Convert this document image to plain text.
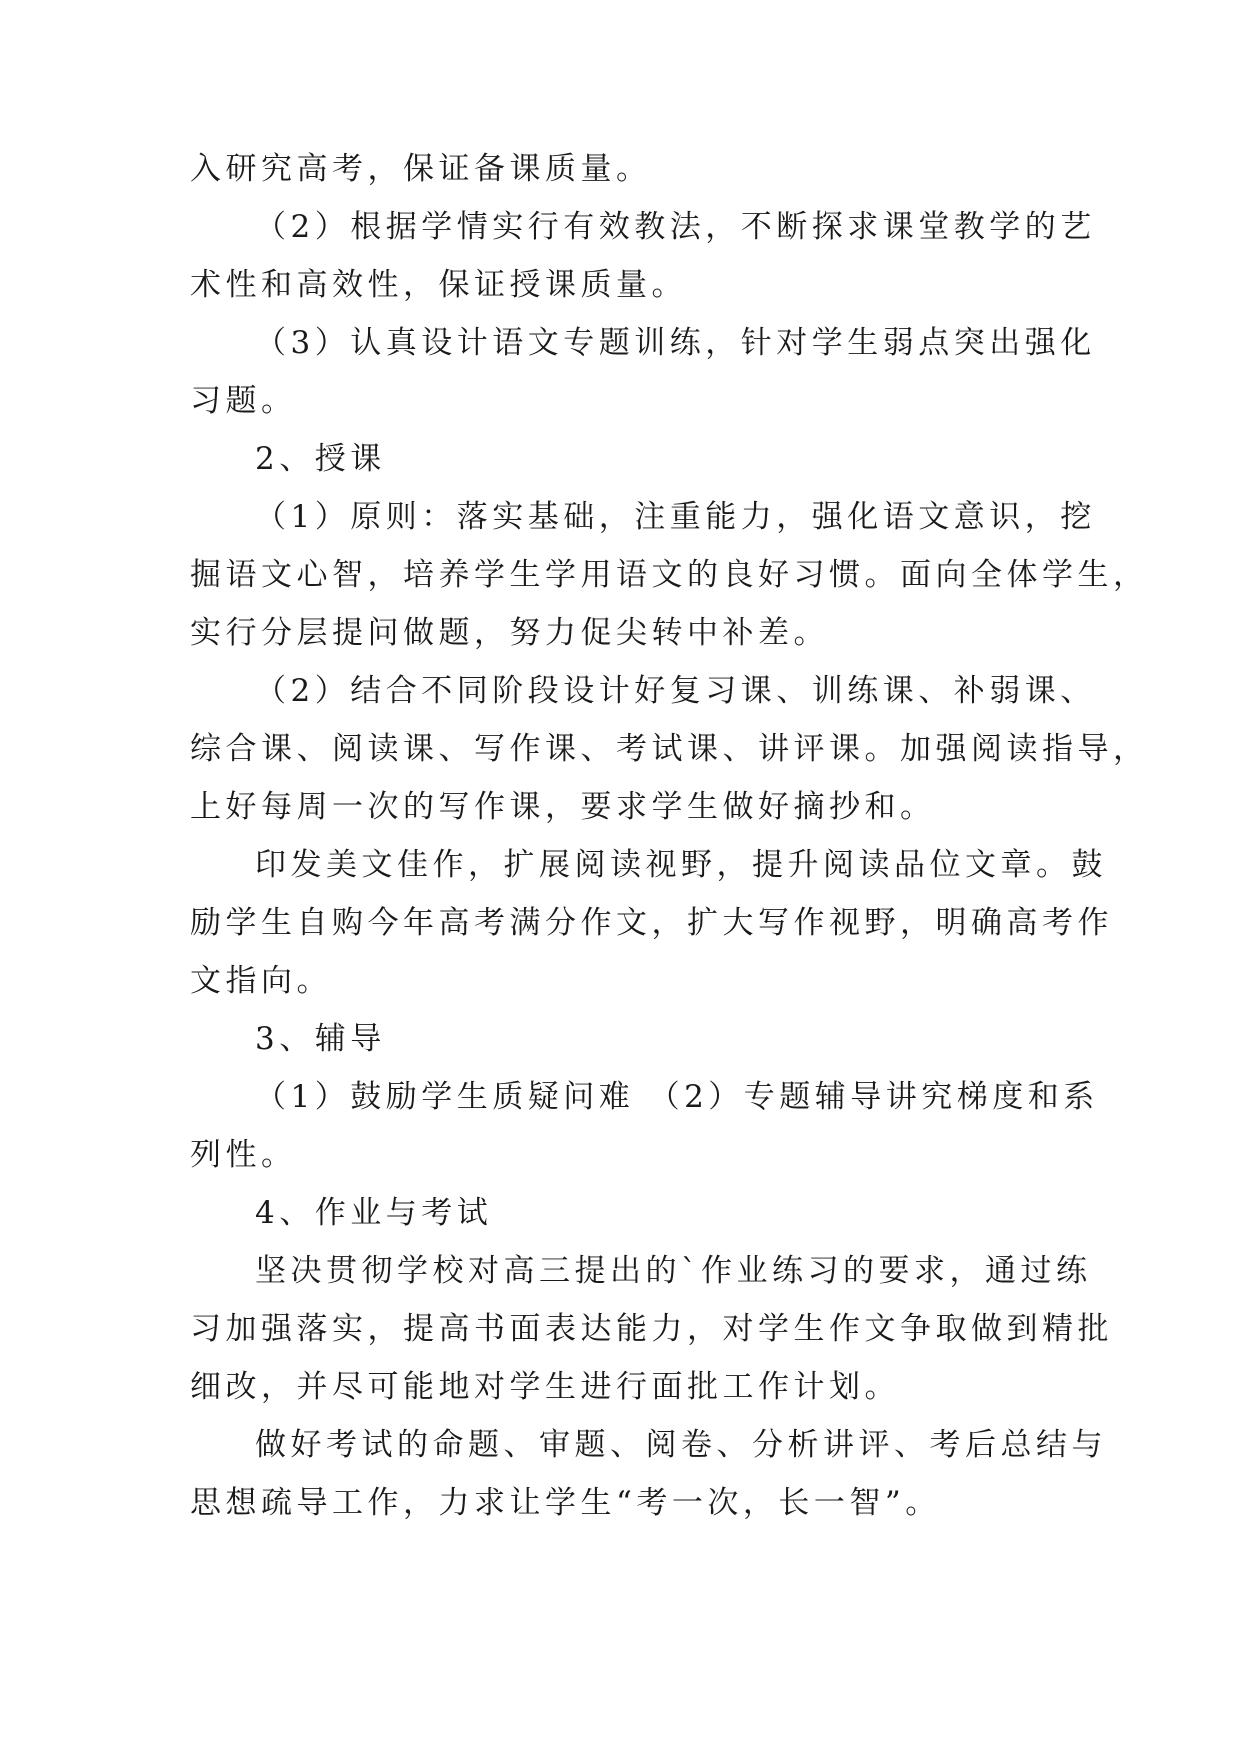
入研究高考，保证备课质量。
（2）根据学情实行有效教法，不断探求课堂教学的艺
术性和高效性，保证授课质量。
（3）认真设计语文专题训练，针对学生弱点突出强化
习题。
2、授课
（1）原则：落实基础，注重能力，强化语文意识，挖
掘语文心智，培养学生学用语文的良好习惯。面向全体学生，
实行分层提问做题，努力促尖转中补差。
（2）结合不同阶段设计好复习课、训练课、补弱课、
综合课、阅读课、写作课、考试课、讲评课。加强阅读指导，
上好每周一次的写作课，要求学生做好摘抄和。
印发美文佳作，扩展阅读视野，提升阅读品位文章。鼓
励学生自购今年高考满分作文，扩大写作视野，明确高考作
文指向。
3、辅导
（1）鼓励学生质疑问难 （2）专题辅导讲究梯度和系
列性。
4、作业与考试
坚决贯彻学校对高三提出的`作业练习的要求，通过练
习加强落实，提高书面表达能力，对学生作文争取做到精批
细改，并尽可能地对学生进行面批工作计划。
做好考试的命题、审题、阅卷、分析讲评、考后总结与
思想疏导工作，力求让学生“考一次，长一智”。
